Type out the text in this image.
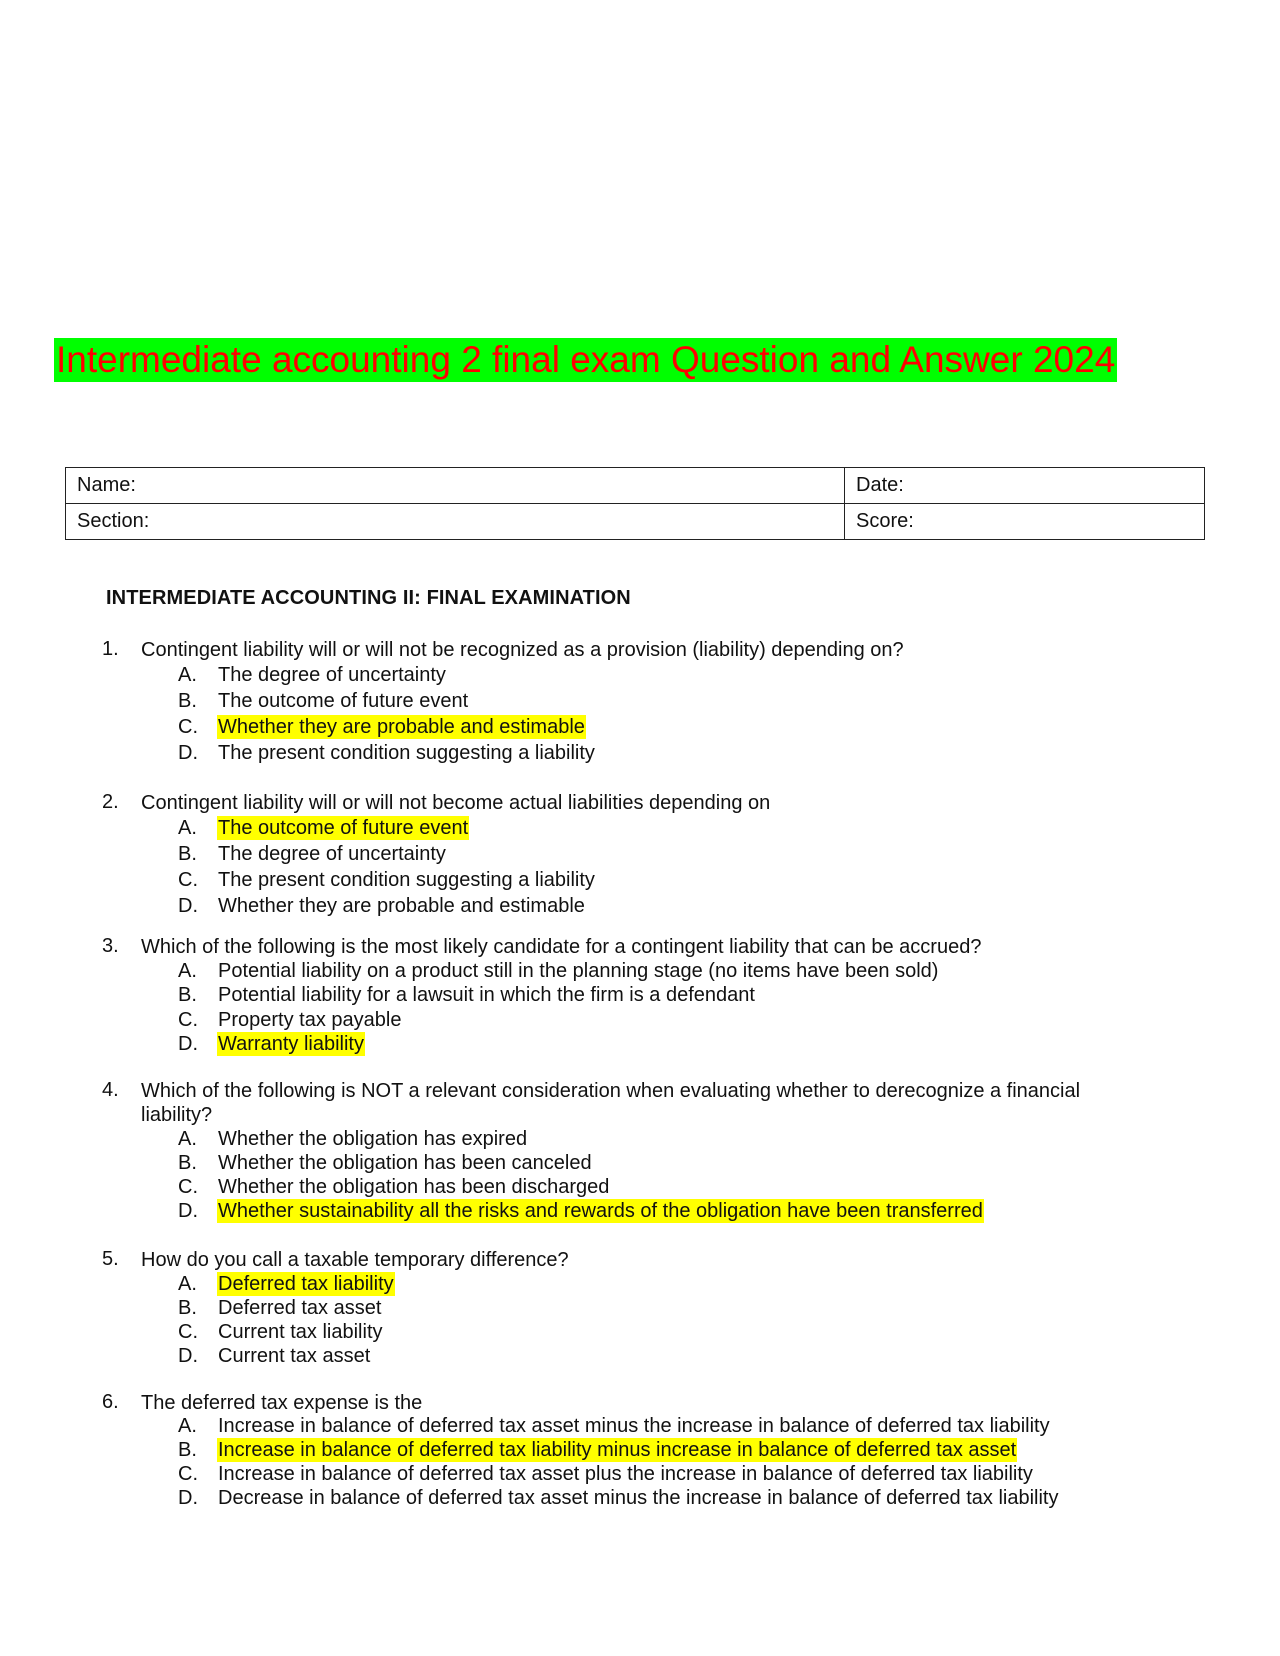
Intermediate accounting 2 final exam Question and Answer 2024
Name:	Date:
Section:	Score:
INTERMEDIATE ACCOUNTING II: FINAL EXAMINATION
1. Contingent liability will or will not be recognized as a provision (liability) depending on?
A. The degree of uncertainty
B. The outcome of future event
C. Whether they are probable and estimable
D. The present condition suggesting a liability
2. Contingent liability will or will not become actual liabilities depending on
A. The outcome of future event
B. The degree of uncertainty
C. The present condition suggesting a liability
D. Whether they are probable and estimable
3. Which of the following is the most likely candidate for a contingent liability that can be accrued?
A. Potential liability on a product still in the planning stage (no items have been sold)
B. Potential liability for a lawsuit in which the firm is a defendant
C. Property tax payable
D. Warranty liability
4. Which of the following is NOT a relevant consideration when evaluating whether to derecognize a financial liability?
A. Whether the obligation has expired
B. Whether the obligation has been canceled
C. Whether the obligation has been discharged
D. Whether sustainability all the risks and rewards of the obligation have been transferred
5. How do you call a taxable temporary difference?
A. Deferred tax liability
B. Deferred tax asset
C. Current tax liability
D. Current tax asset
6. The deferred tax expense is the
A. Increase in balance of deferred tax asset minus the increase in balance of deferred tax liability
B. Increase in balance of deferred tax liability minus increase in balance of deferred tax asset
C. Increase in balance of deferred tax asset plus the increase in balance of deferred tax liability
D. Decrease in balance of deferred tax asset minus the increase in balance of deferred tax liability
